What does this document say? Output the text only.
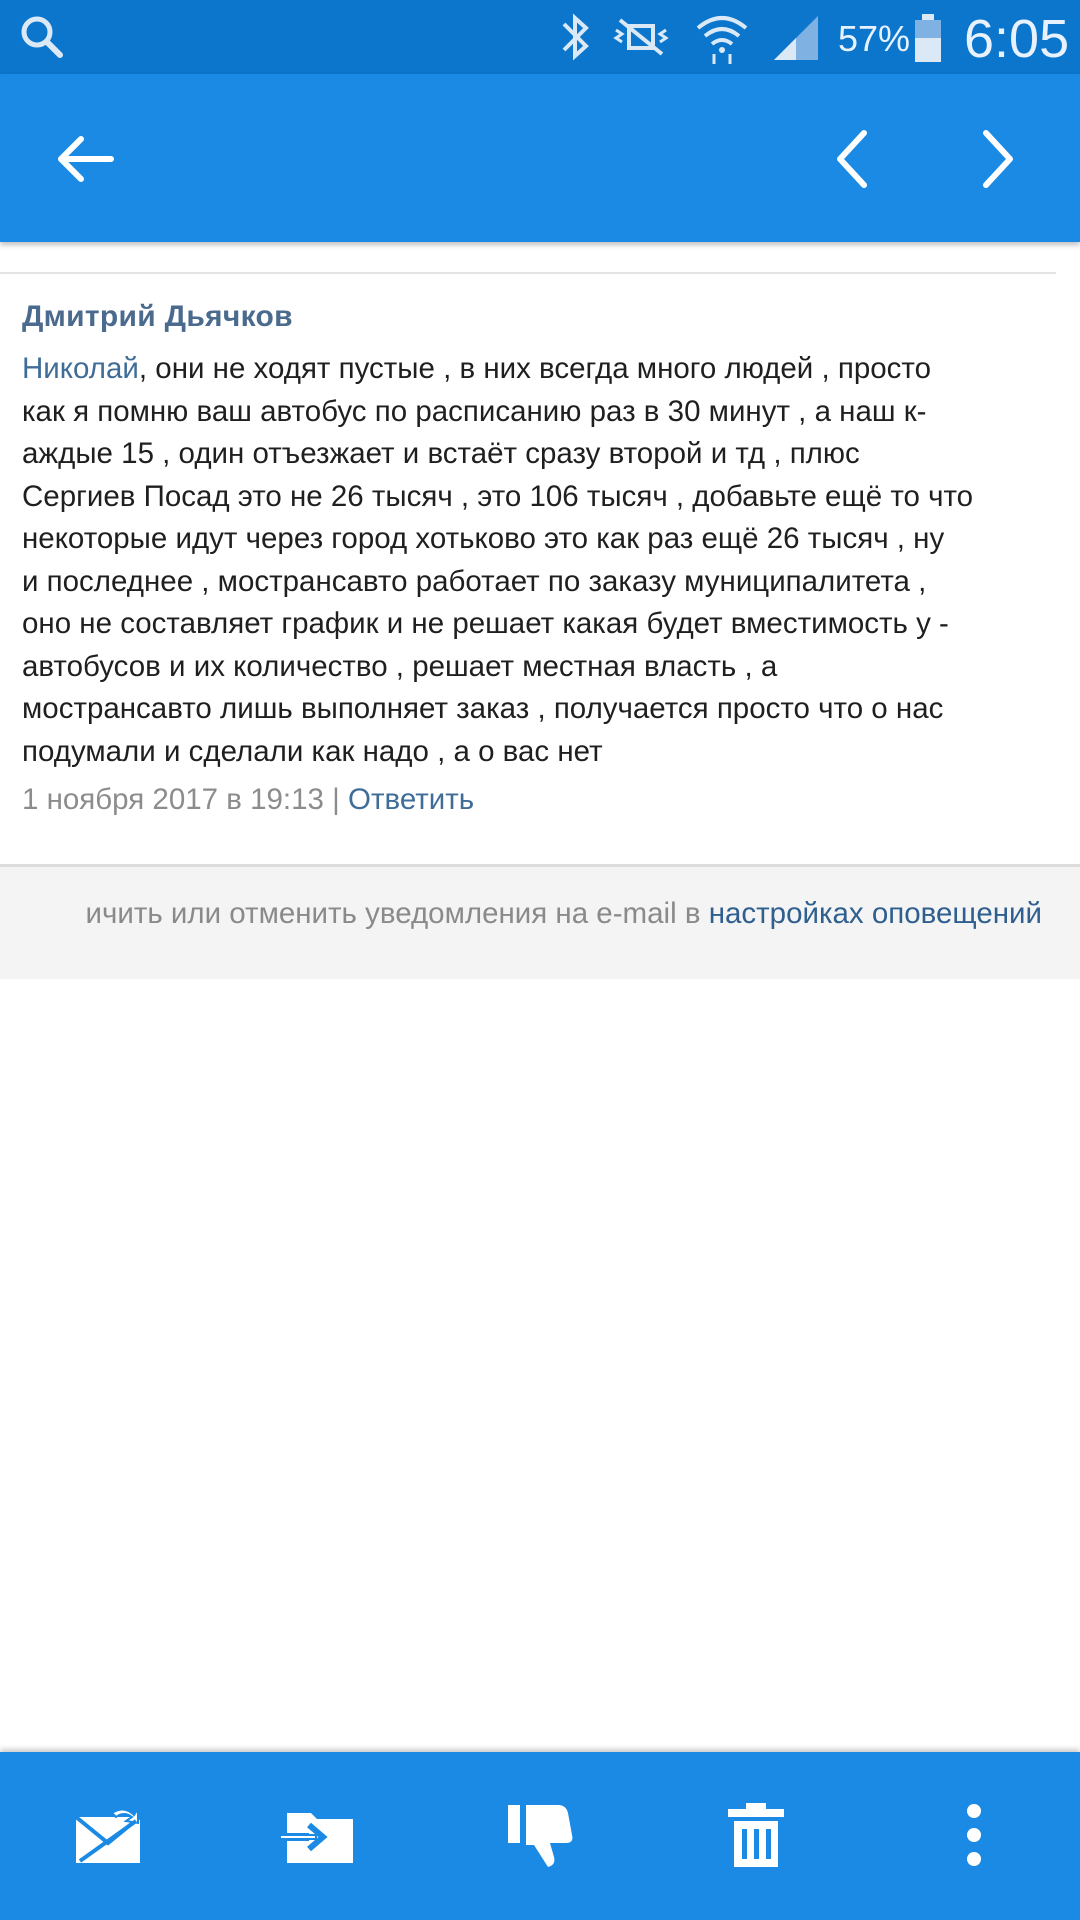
57% 6:05

Дмитрий Дьячков

Николай, они не ходят пустые , в них всегда много людей , просто
как я помню ваш автобус по расписанию раз в 30 минут , а наш к-
аждые 15 , один отъезжает и встаёт сразу второй и тд , плюс
Сергиев Посад это не 26 тысяч , это 106 тысяч , добавьте ещё то что
некоторые идут через город хотьково это как раз ещё 26 тысяч , ну
и последнее , мострансавто работает по заказу муниципалитета ,
оно не составляет график и не решает какая будет вместимость у -
автобусов и их количество , решает местная власть , а
мострансавто лишь выполняет заказ , получается просто что о нас
подумали и сделали как надо , а о вас нет
1 ноября 2017 в 19:13 | Ответить
ичить или отменить уведомления на e-mail в настройках оповещений
